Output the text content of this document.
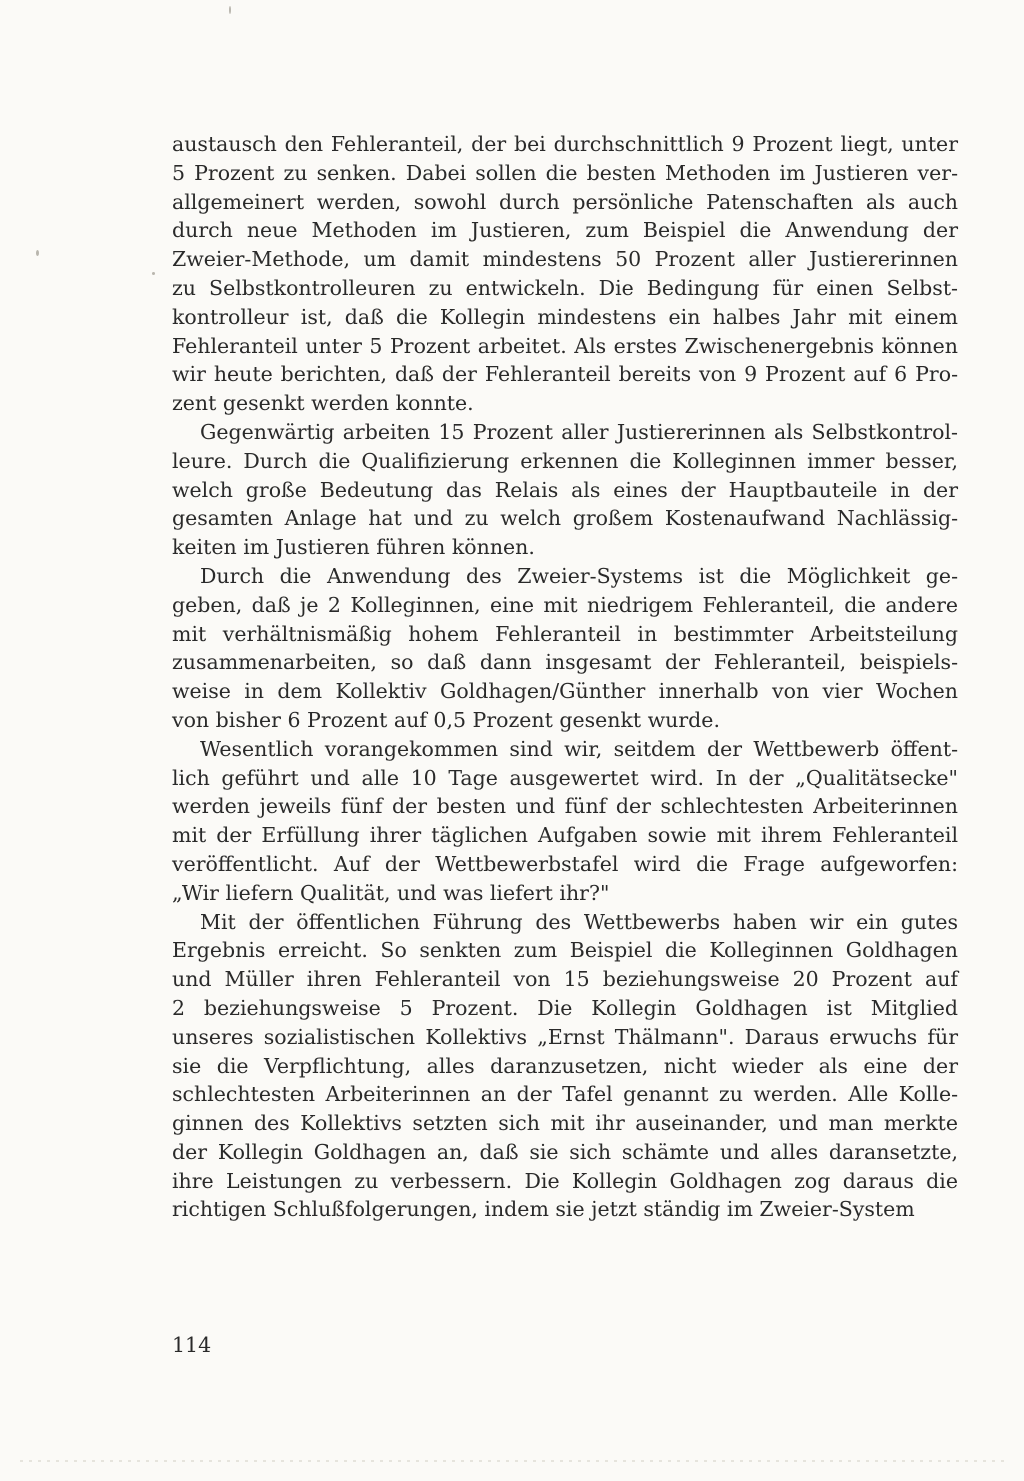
austausch den Fehleranteil, der bei durchschnittlich 9 Prozent liegt, unter
5 Prozent zu senken. Dabei sollen die besten Methoden im Justieren ver-
allgemeinert werden, sowohl durch persönliche Patenschaften als auch
durch neue Methoden im Justieren, zum Beispiel die Anwendung der
Zweier-Methode, um damit mindestens 50 Prozent aller Justiererinnen
zu Selbstkontrolleuren zu entwickeln. Die Bedingung für einen Selbst-
kontrolleur ist, daß die Kollegin mindestens ein halbes Jahr mit einem
Fehleranteil unter 5 Prozent arbeitet. Als erstes Zwischenergebnis können
wir heute berichten, daß der Fehleranteil bereits von 9 Prozent auf 6 Pro-
zent gesenkt werden konnte.

Gegenwärtig arbeiten 15 Prozent aller Justiererinnen als Selbstkontrol-
leure. Durch die Qualifizierung erkennen die Kolleginnen immer besser,
welch große Bedeutung das Relais als eines der Hauptbauteile in der
gesamten Anlage hat und zu welch großem Kostenaufwand Nachlässig-
keiten im Justieren führen können.

Durch die Anwendung des Zweier-Systems ist die Möglichkeit ge-
geben, daß je 2 Kolleginnen, eine mit niedrigem Fehleranteil, die andere
mit verhältnismäßig hohem Fehleranteil in bestimmter Arbeitsteilung
zusammenarbeiten, so daß dann insgesamt der Fehleranteil, beispiels-
weise in dem Kollektiv Goldhagen/Günther innerhalb von vier Wochen
von bisher 6 Prozent auf 0,5 Prozent gesenkt wurde.

Wesentlich vorangekommen sind wir, seitdem der Wettbewerb öffent-
lich geführt und alle 10 Tage ausgewertet wird. In der „Qualitätsecke"
werden jeweils fünf der besten und fünf der schlechtesten Arbeiterinnen
mit der Erfüllung ihrer täglichen Aufgaben sowie mit ihrem Fehleranteil
veröffentlicht. Auf der Wettbewerbstafel wird die Frage aufgeworfen:
„Wir liefern Qualität, und was liefert ihr?"

Mit der öffentlichen Führung des Wettbewerbs haben wir ein gutes
Ergebnis erreicht. So senkten zum Beispiel die Kolleginnen Goldhagen
und Müller ihren Fehleranteil von 15 beziehungsweise 20 Prozent auf
2 beziehungsweise 5 Prozent. Die Kollegin Goldhagen ist Mitglied
unseres sozialistischen Kollektivs „Ernst Thälmann". Daraus erwuchs für
sie die Verpflichtung, alles daranzusetzen, nicht wieder als eine der
schlechtesten Arbeiterinnen an der Tafel genannt zu werden. Alle Kolle-
ginnen des Kollektivs setzten sich mit ihr auseinander, und man merkte
der Kollegin Goldhagen an, daß sie sich schämte und alles daransetzte,
ihre Leistungen zu verbessern. Die Kollegin Goldhagen zog daraus die
richtigen Schlußfolgerungen, indem sie jetzt ständig im Zweier-System

114
